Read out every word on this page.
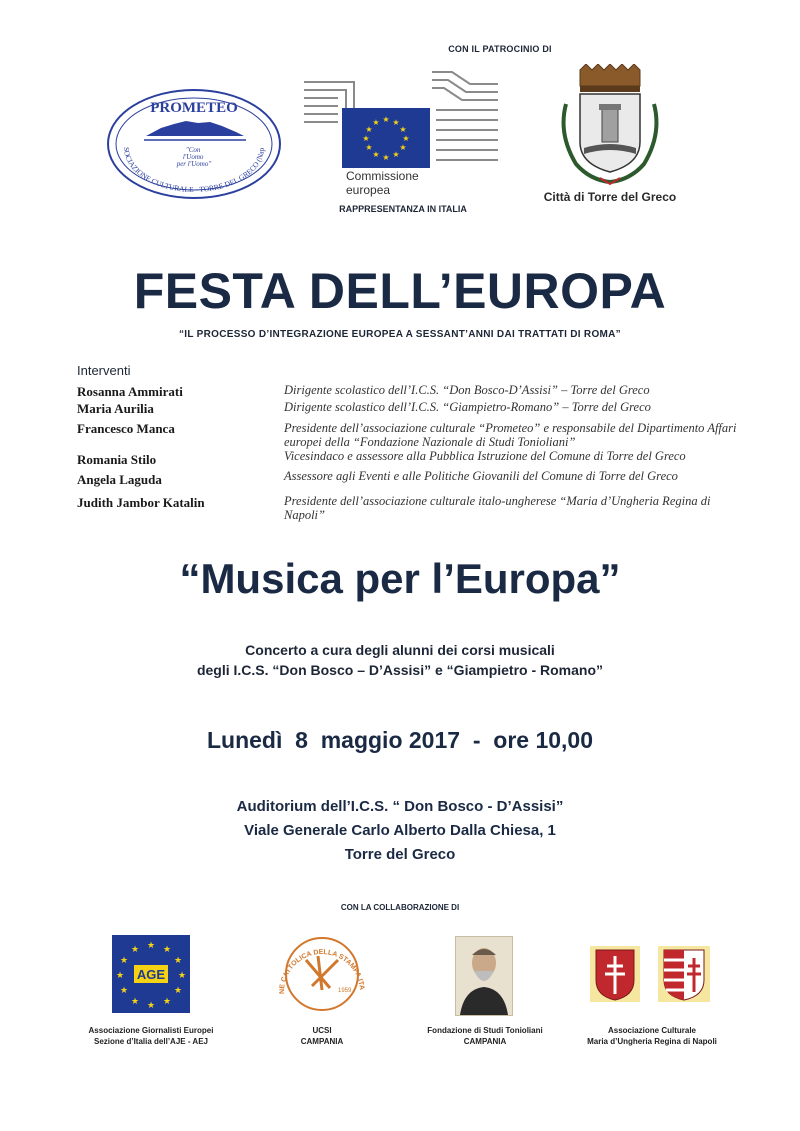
CON IL PATROCINIO DI
PROMETEO
"Con l'Uomo per l'Uomo"
SOCIAZIONE CULTURALE - TORRE DEL GRECO (Nap
★ ★
★
★
★
★
★
★
★
★
★
★
Commissione
europea
RAPPRESENTANZA IN ITALIA
Città di Torre del Greco
FESTA DELL’EUROPA
“IL PROCESSO D’INTEGRAZIONE EUROPEA A SESSANT’ANNI DAI TRATTATI DI ROMA”
Interventi
Rosanna Ammirati	Dirigente scolastico dell’I.C.S. “Don Bosco-D’Assisi” – Torre del Greco
Maria Aurilia	Dirigente scolastico dell’I.C.S. “Giampietro-Romano” – Torre del Greco
Francesco Manca	Presidente dell’associazione culturale “Prometeo” e responsabile del Dipartimento Affari europei della “Fondazione Nazionale di Studi Tonioliani”
Romania Stilo	Vicesindaco e assessore alla Pubblica Istruzione del Comune di Torre del Greco
Angela Laguda	Assessore agli Eventi e alle Politiche Giovanili del Comune di Torre del Greco
Judith Jambor Katalin	Presidente dell’associazione culturale italo-ungherese “Maria d’Ungheria Regina di Napoli”
“Musica per l’Europa”
Concerto a cura degli alunni dei corsi musicali
degli I.C.S. “Don Bosco – D’Assisi” e “Giampietro - Romano”
Lunedì  8  maggio 2017  -  ore 10,00
Auditorium dell’I.C.S. “ Don Bosco - D’Assisi”
Viale Generale Carlo Alberto Dalla Chiesa, 1
Torre del Greco
CON LA COLLABORAZIONE DI
★ ★
★
★
★
★
★
★
★
★
★
★
AGE
NE CATTOLICA DELLA STAMPA ITA
1959
Associazione Giornalisti Europei
Sezione d’Italia dell’AJE - AEJ
UCSI
CAMPANIA
Fondazione di Studi Tonioliani
CAMPANIA
Associazione Culturale
Maria d’Ungheria Regina di Napoli
